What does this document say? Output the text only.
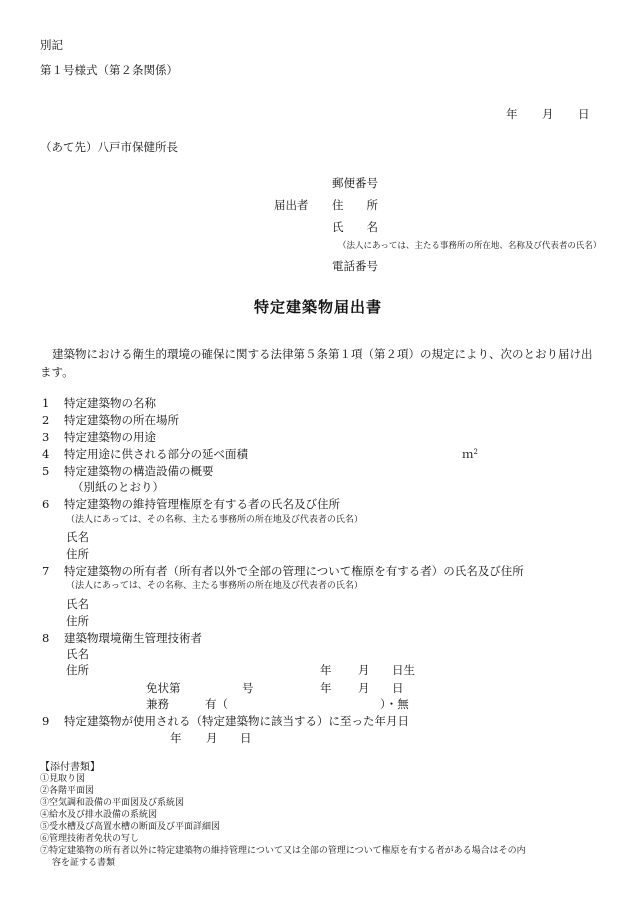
別記
第１号様式（第２条関係）
年 月 日
（あて先）八戸市保健所長
郵便番号
届出者 住　　所
氏　　名
（法人にあっては、主たる事務所の所在地、名称及び代表者の氏名）
電話番号
特定建築物届出書
建築物における衛生的環境の確保に関する法律第５条第１項（第２項）の規定により、次のとおり届け出ます。
1 特定建築物の名称
2 特定建築物の所在場所
3 特定建築物の用途
4 特定用途に供される部分の延べ面積	ｍ$^2$
5 特定建築物の構造設備の概要
（別紙のとおり）
6 特定建築物の維持管理権原を有する者の氏名及び住所
（法人にあっては、その名称、主たる事務所の所在地及び代表者の氏名）
氏名
住所
7 特定建築物の所有者（所有者以外で全部の管理について権原を有する者）の氏名及び住所
（法人にあっては、その名称、主たる事務所の所在地及び代表者の氏名）
氏名
住所
8 建築物環境衛生管理技術者
氏名
住所	年 月 日生
免状第	号	年 月 日
兼務	有（	）・無
9 特定建築物が使用される（特定建築物に該当する）に至った年月日
年 月 日
【添付書類】
①見取り図
②各階平面図
③空気調和設備の平面図及び系統図
④給水及び排水設備の系統図
⑤受水槽及び高置水槽の断面及び平面詳細図
⑥管理技術者免状の写し
⑦特定建築物の所有者以外に特定建築物の維持管理について又は全部の管理について権原を有する者がある場合はその内
容を証する書類
